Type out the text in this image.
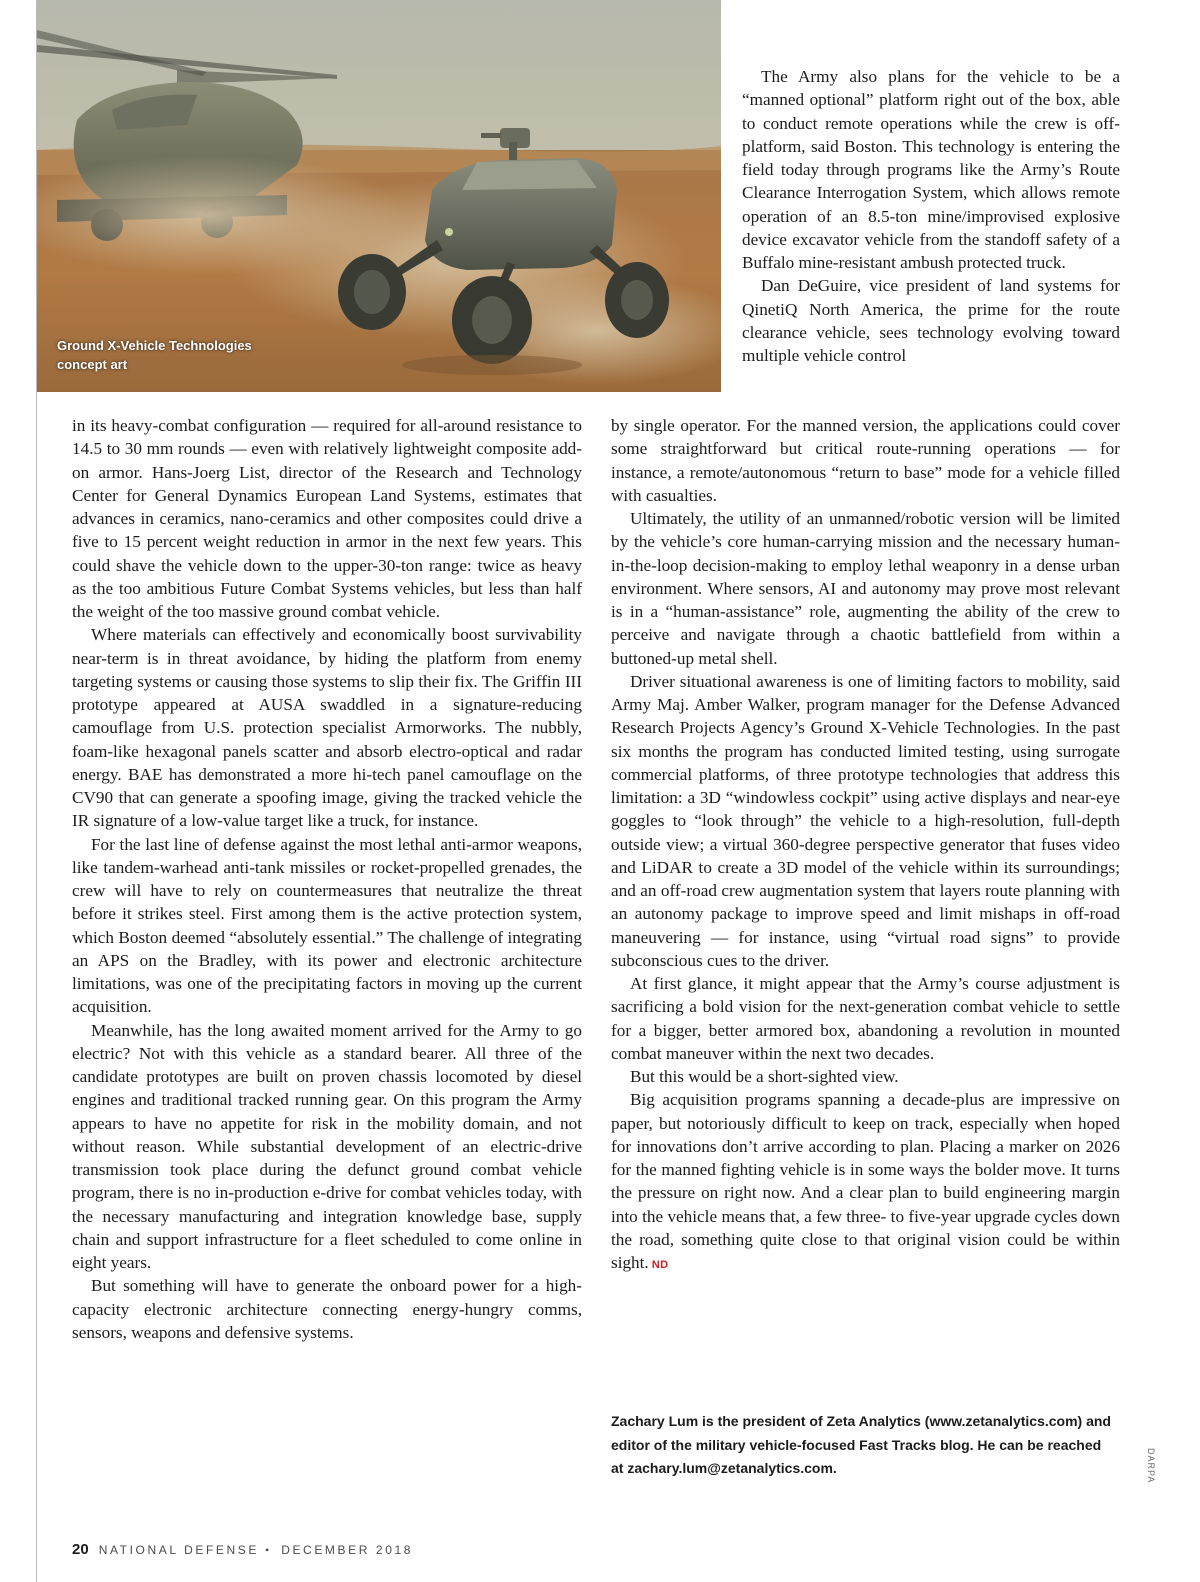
Ground X-Vehicle Technologies concept art

The Army also plans for the vehicle to be a “manned optional” platform right out of the box, able to conduct remote operations while the crew is off-platform, said Boston. This technology is entering the field today through programs like the Army’s Route Clearance Interrogation System, which allows remote operation of an 8.5-ton mine/improvised explosive device excavator vehicle from the standoff safety of a Buffalo mine-resistant ambush protected truck.

Dan DeGuire, vice president of land systems for QinetiQ North America, the prime for the route clearance vehicle, sees technology evolving toward multiple vehicle control

by single operator. For the manned version, the applications could cover some straightforward but critical route-running operations — for instance, a remote/autonomous “return to base” mode for a vehicle filled with casualties.

Ultimately, the utility of an unmanned/robotic version will be limited by the vehicle’s core human-carrying mission and the necessary human-in-the-loop decision-making to employ lethal weaponry in a dense urban environment. Where sensors, AI and autonomy may prove most relevant is in a “human-assistance” role, augmenting the ability of the crew to perceive and navigate through a chaotic battlefield from within a buttoned-up metal shell.

Driver situational awareness is one of limiting factors to mobility, said Army Maj. Amber Walker, program manager for the Defense Advanced Research Projects Agency’s Ground X-Vehicle Technologies. In the past six months the program has conducted limited testing, using surrogate commercial platforms, of three prototype technologies that address this limitation: a 3D “windowless cockpit” using active displays and near-eye goggles to “look through” the vehicle to a high-resolution, full-depth outside view; a virtual 360-degree perspective generator that fuses video and LiDAR to create a 3D model of the vehicle within its surroundings; and an off-road crew augmentation system that layers route planning with an autonomy package to improve speed and limit mishaps in off-road maneuvering — for instance, using “virtual road signs” to provide subconscious cues to the driver.

At first glance, it might appear that the Army’s course adjustment is sacrificing a bold vision for the next-generation combat vehicle to settle for a bigger, better armored box, abandoning a revolution in mounted combat maneuver within the next two decades.

But this would be a short-sighted view.

Big acquisition programs spanning a decade-plus are impressive on paper, but notoriously difficult to keep on track, especially when hoped for innovations don’t arrive according to plan. Placing a marker on 2026 for the manned fighting vehicle is in some ways the bolder move. It turns the pressure on right now. And a clear plan to build engineering margin into the vehicle means that, a few three- to five-year upgrade cycles down the road, something quite close to that original vision could be within sight. ND

in its heavy-combat configuration — required for all-around resistance to 14.5 to 30 mm rounds — even with relatively lightweight composite add-on armor. Hans-Joerg List, director of the Research and Technology Center for General Dynamics European Land Systems, estimates that advances in ceramics, nano-ceramics and other composites could drive a five to 15 percent weight reduction in armor in the next few years. This could shave the vehicle down to the upper-30-ton range: twice as heavy as the too ambitious Future Combat Systems vehicles, but less than half the weight of the too massive ground combat vehicle.

Where materials can effectively and economically boost survivability near-term is in threat avoidance, by hiding the platform from enemy targeting systems or causing those systems to slip their fix. The Griffin III prototype appeared at AUSA swaddled in a signature-reducing camouflage from U.S. protection specialist Armorworks. The nubbly, foam-like hexagonal panels scatter and absorb electro-optical and radar energy. BAE has demonstrated a more hi-tech panel camouflage on the CV90 that can generate a spoofing image, giving the tracked vehicle the IR signature of a low-value target like a truck, for instance.

For the last line of defense against the most lethal anti-armor weapons, like tandem-warhead anti-tank missiles or rocket-propelled grenades, the crew will have to rely on countermeasures that neutralize the threat before it strikes steel. First among them is the active protection system, which Boston deemed “absolutely essential.” The challenge of integrating an APS on the Bradley, with its power and electronic architecture limitations, was one of the precipitating factors in moving up the current acquisition.

Meanwhile, has the long awaited moment arrived for the Army to go electric? Not with this vehicle as a standard bearer. All three of the candidate prototypes are built on proven chassis locomoted by diesel engines and traditional tracked running gear. On this program the Army appears to have no appetite for risk in the mobility domain, and not without reason. While substantial development of an electric-drive transmission took place during the defunct ground combat vehicle program, there is no in-production e-drive for combat vehicles today, with the necessary manufacturing and integration knowledge base, supply chain and support infrastructure for a fleet scheduled to come online in eight years.

But something will have to generate the onboard power for a high-capacity electronic architecture connecting energy-hungry comms, sensors, weapons and defensive systems.

Zachary Lum is the president of Zeta Analytics (www.zetanalytics.com) and editor of the military vehicle-focused Fast Tracks blog. He can be reached at zachary.lum@zetanalytics.com.	DARPA
20 NATIONAL DEFENSE • DECEMBER 2018
